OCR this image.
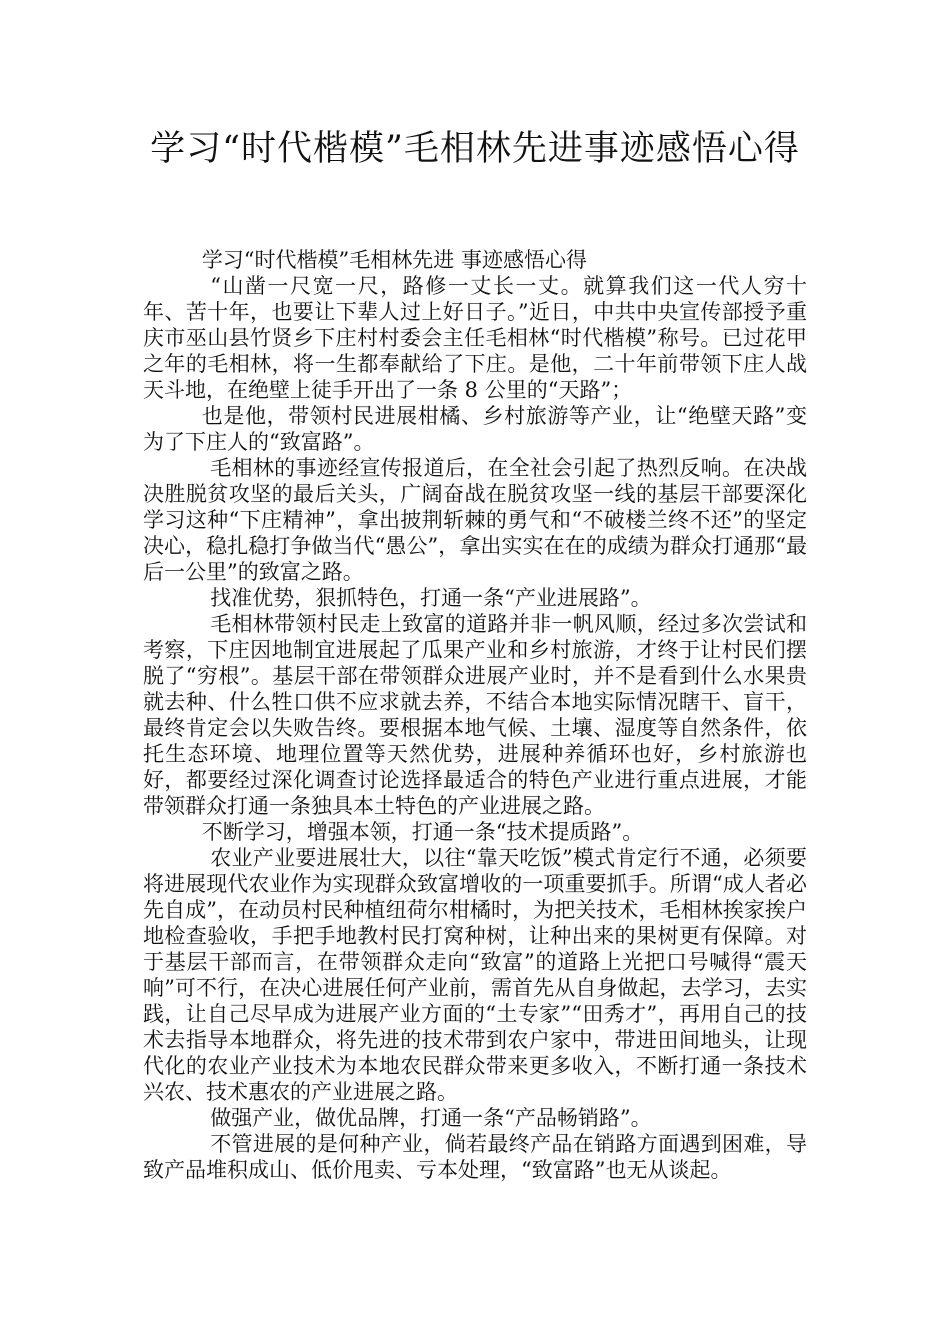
学习“时代楷模”毛相林先进事迹感悟心得

学习“时代楷模”毛相林先进 事迹感悟心得

“山凿一尺宽一尺，路修一丈长一丈。就算我们这一代人穷十年、苦十年，也要让下辈人过上好日子。”近日，中共中央宣传部授予重庆市巫山县竹贤乡下庄村村委会主任毛相林“时代楷模”称号。已过花甲之年的毛相林，将一生都奉献给了下庄。是他，二十年前带领下庄人战天斗地，在绝壁上徒手开出了一条 8 公里的“天路”；

也是他，带领村民进展柑橘、乡村旅游等产业，让“绝壁天路”变为了下庄人的“致富路”。

毛相林的事迹经宣传报道后，在全社会引起了热烈反响。在决战决胜脱贫攻坚的最后关头，广阔奋战在脱贫攻坚一线的基层干部要深化学习这种“下庄精神”，拿出披荆斩棘的勇气和“不破楼兰终不还”的坚定决心，稳扎稳打争做当代“愚公”，拿出实实在在的成绩为群众打通那“最后一公里”的致富之路。

找准优势，狠抓特色，打通一条“产业进展路”。

毛相林带领村民走上致富的道路并非一帆风顺，经过多次尝试和考察，下庄因地制宜进展起了瓜果产业和乡村旅游，才终于让村民们摆脱了“穷根”。基层干部在带领群众进展产业时，并不是看到什么水果贵就去种、什么牲口供不应求就去养，不结合本地实际情况瞎干、盲干，最终肯定会以失败告终。要根据本地气候、土壤、湿度等自然条件，依托生态环境、地理位置等天然优势，进展种养循环也好，乡村旅游也好，都要经过深化调查讨论选择最适合的特色产业进行重点进展，才能带领群众打通一条独具本土特色的产业进展之路。

不断学习，增强本领，打通一条“技术提质路”。

农业产业要进展壮大，以往“靠天吃饭”模式肯定行不通，必须要将进展现代农业作为实现群众致富增收的一项重要抓手。所谓“成人者必先自成”，在动员村民种植纽荷尔柑橘时，为把关技术，毛相林挨家挨户地检查验收，手把手地教村民打窝种树，让种出来的果树更有保障。对于基层干部而言，在带领群众走向“致富”的道路上光把口号喊得“震天响”可不行，在决心进展任何产业前，需首先从自身做起，去学习，去实践，让自己尽早成为进展产业方面的“土专家”“田秀才”，再用自己的技术去指导本地群众，将先进的技术带到农户家中，带进田间地头，让现代化的农业产业技术为本地农民群众带来更多收入，不断打通一条技术兴农、技术惠农的产业进展之路。

做强产业，做优品牌，打通一条“产品畅销路”。

不管进展的是何种产业，倘若最终产品在销路方面遇到困难，导致产品堆积成山、低价甩卖、亏本处理，“致富路”也无从谈起。
